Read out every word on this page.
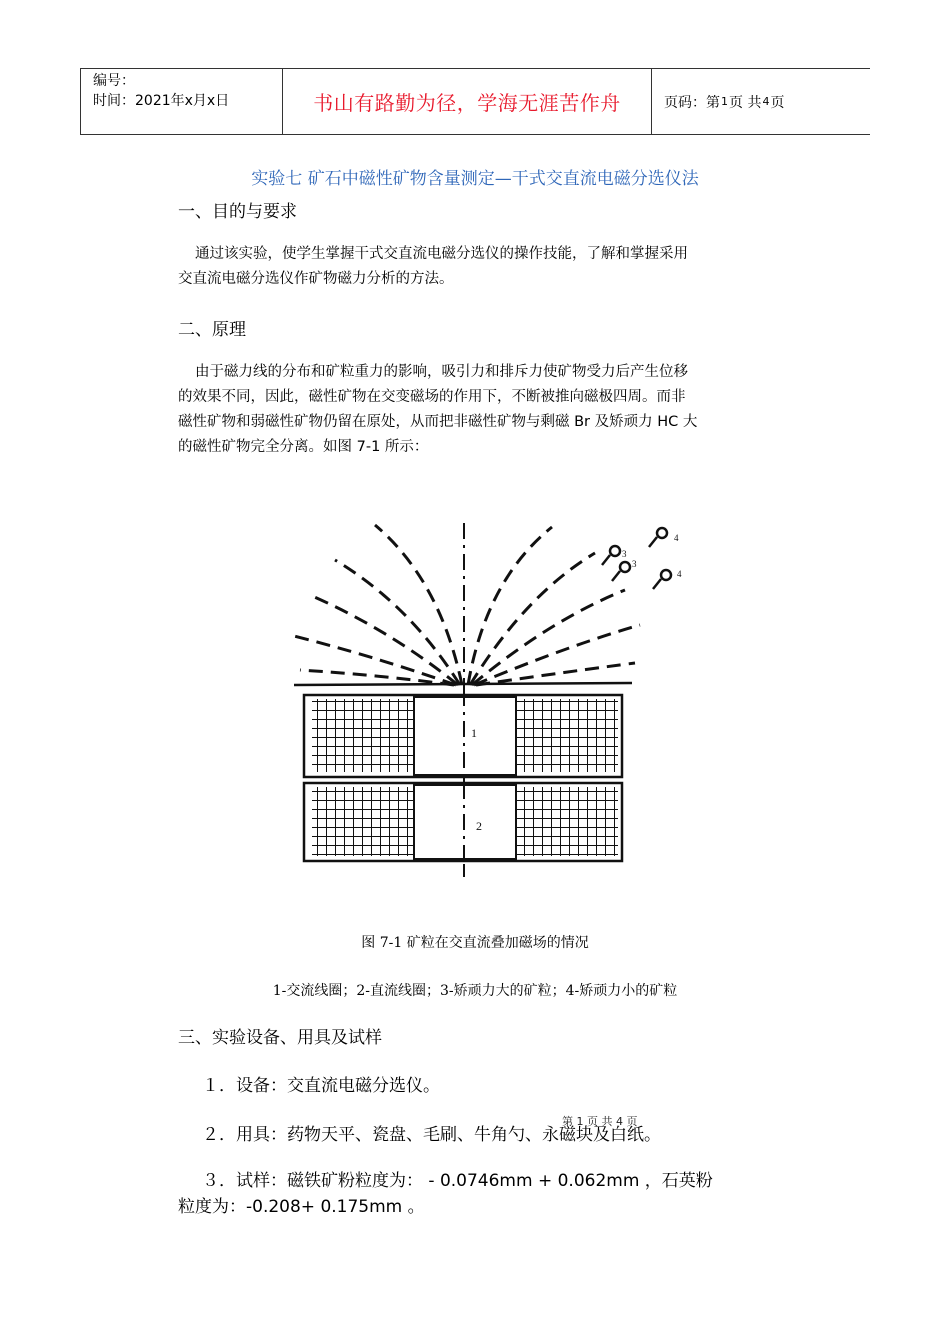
编号：
时间：2021年x月x日	书山有路勤为径，学海无涯苦作舟	页码：第 1 页 共 4 页
实验七 矿石中磁性矿物含量测定—干式交直流电磁分选仪法
一、目的与要求
通过该实验，使学生掌握干式交直流电磁分选仪的操作技能，了解和掌握采用
交直流电磁分选仪作矿物磁力分析的方法。
二、原理
由于磁力线的分布和矿粒重力的影响，吸引力和排斥力使矿物受力后产生位移
的效果不同，因此，磁性矿物在交变磁场的作用下，不断被推向磁极四周。而非
磁性矿物和弱磁性矿物仍留在原处，从而把非磁性矿物与剩磁 Br 及矫顽力 HC 大
的磁性矿物完全分离。如图 7-1 所示：
1
2
3
3
4
4
图 7-1 矿粒在交直流叠加磁场的情况
1-交流线圈；2-直流线圈；3-矫顽力大的矿粒；4-矫顽力小的矿粒
三、实验设备、用具及试样
１．设备：交直流电磁分选仪。
２．用具：药物天平、瓷盘、毛刷、牛角勺、永磁块及白纸。
第 1 页 共 4 页
３．试样：磁铁矿粉粒度为： - 0.0746mm + 0.062mm ，石英粉
粒度为：-0.208+ 0.175mm 。
